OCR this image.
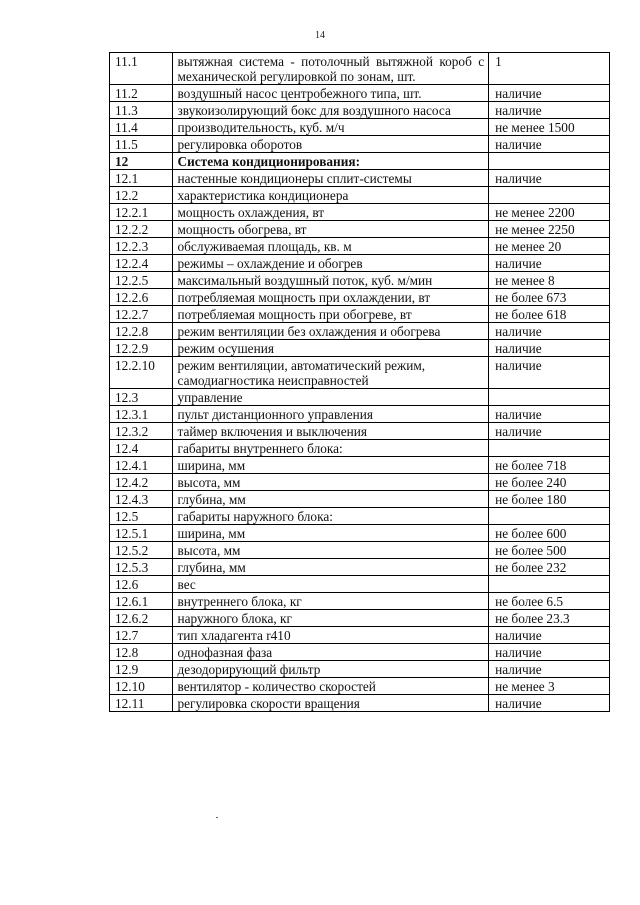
14
11.1	вытяжная система - потолочный вытяжной короб с механической регулировкой по зонам, шт.	1
11.2	воздушный насос центробежного типа, шт.	наличие
11.3	звукоизолирующий бокс для воздушного насоса	наличие
11.4	производительность, куб. м/ч	не менее 1500
11.5	регулировка оборотов	наличие
12	Система кондиционирования:	
12.1	настенные кондиционеры сплит-системы	наличие
12.2	характеристика кондиционера	
12.2.1	мощность охлаждения, вт	не менее 2200
12.2.2	мощность обогрева, вт	не менее 2250
12.2.3	обслуживаемая площадь, кв. м	не менее 20
12.2.4	режимы – охлаждение и обогрев	наличие
12.2.5	максимальный воздушный поток, куб. м/мин	не менее 8
12.2.6	потребляемая мощность при охлаждении, вт	не более 673
12.2.7	потребляемая мощность при обогреве, вт	не более 618
12.2.8	режим вентиляции без охлаждения и обогрева	наличие
12.2.9	режим осушения	наличие
12.2.10	режим вентиляции, автоматический режим, самодиагностика неисправностей	наличие
12.3	управление	
12.3.1	пульт дистанционного управления	наличие
12.3.2	таймер включения и выключения	наличие
12.4	габариты внутреннего блока:	
12.4.1	ширина, мм	не более 718
12.4.2	высота, мм	не более 240
12.4.3	глубина, мм	не более 180
12.5	габариты наружного блока:	
12.5.1	ширина, мм	не более 600
12.5.2	высота, мм	не более 500
12.5.3	глубина, мм	не более 232
12.6	вес	
12.6.1	внутреннего блока, кг	не более 6.5
12.6.2	наружного блока, кг	не более 23.3
12.7	тип хладагента r410	наличие
12.8	однофазная фаза	наличие
12.9	дезодорирующий фильтр	наличие
12.10	вентилятор - количество скоростей	не менее 3
12.11	регулировка скорости вращения	наличие
